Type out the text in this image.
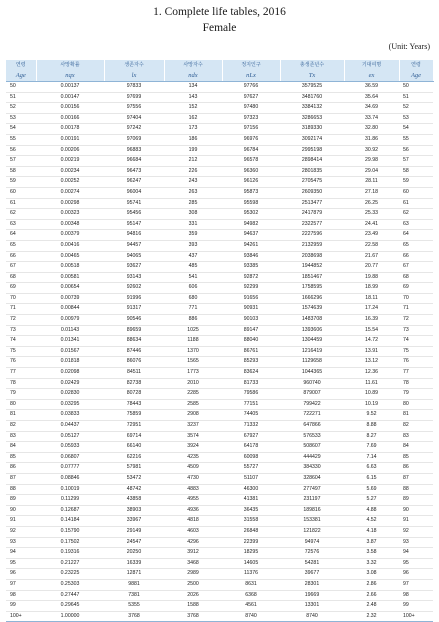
1. Complete life tables, 2016
Female
(Unit: Years)
연령	사망확률	생존자수	사망자수	정지인구	총생존년수	기대여명	연령
Age	nqx	lx	ndx	nLx	Tx	ex	Age
50	0.00137	97833	134	97766	3579525	36.59	50
51	0.00147	97699	143	97627	3481760	35.64	51
52	0.00156	97556	152	97480	3384132	34.69	52
53	0.00166	97404	162	97323	3286653	33.74	53
54	0.00178	97242	173	97156	3189330	32.80	54
55	0.00191	97069	186	96976	3092174	31.86	55
56	0.00206	96883	199	96784	2995198	30.92	56
57	0.00219	96684	212	96578	2898414	29.98	57
58	0.00234	96473	226	96360	2801835	29.04	58
59	0.00252	96247	243	96126	2705475	28.11	59
60	0.00274	96004	263	95873	2609350	27.18	60
61	0.00298	95741	285	95598	2513477	26.25	61
62	0.00323	95456	308	95302	2417879	25.33	62
63	0.00348	95147	331	94982	2322577	24.41	63
64	0.00379	94816	359	94637	2227596	23.49	64
65	0.00416	94457	393	94261	2132959	22.58	65
66	0.00465	94065	437	93846	2038698	21.67	66
67	0.00518	93627	485	93385	1944852	20.77	67
68	0.00581	93143	541	92872	1851467	19.88	68
69	0.00654	92602	606	92299	1758595	18.99	69
70	0.00739	91996	680	91656	1666296	18.11	70
71	0.00844	91317	771	90931	1574639	17.24	71
72	0.00979	90546	886	90103	1483708	16.39	72
73	0.01143	89659	1025	89147	1393606	15.54	73
74	0.01341	88634	1188	88040	1304459	14.72	74
75	0.01567	87446	1370	86761	1216419	13.91	75
76	0.01818	86076	1565	85293	1129658	13.12	76
77	0.02098	84511	1773	83624	1044365	12.36	77
78	0.02429	82738	2010	81733	960740	11.61	78
79	0.02830	80728	2285	79586	879007	10.89	79
80	0.03295	78443	2585	77151	799422	10.19	80
81	0.03833	75859	2908	74405	722271	9.52	81
82	0.04437	72951	3237	71332	647866	8.88	82
83	0.05127	69714	3574	67927	576533	8.27	83
84	0.05933	66140	3924	64178	508607	7.69	84
85	0.06807	62216	4235	60098	444429	7.14	85
86	0.07777	57981	4509	55727	384330	6.63	86
87	0.08846	53472	4730	51107	328604	6.15	87
88	0.10019	48742	4883	46300	277497	5.69	88
89	0.11299	43858	4955	41381	231197	5.27	89
90	0.12687	38903	4936	36435	189816	4.88	90
91	0.14184	33967	4818	31558	153381	4.52	91
92	0.15790	29149	4603	26848	121822	4.18	92
93	0.17502	24547	4296	22399	94974	3.87	93
94	0.19316	20250	3912	18295	72576	3.58	94
95	0.21227	16339	3468	14605	54281	3.32	95
96	0.23225	12871	2989	11376	39677	3.08	96
97	0.25303	9881	2500	8631	28301	2.86	97
98	0.27447	7381	2026	6368	19669	2.66	98
99	0.29645	5355	1588	4561	13301	2.48	99
100+	1.00000	3768	3768	8740	8740	2.32	100+
